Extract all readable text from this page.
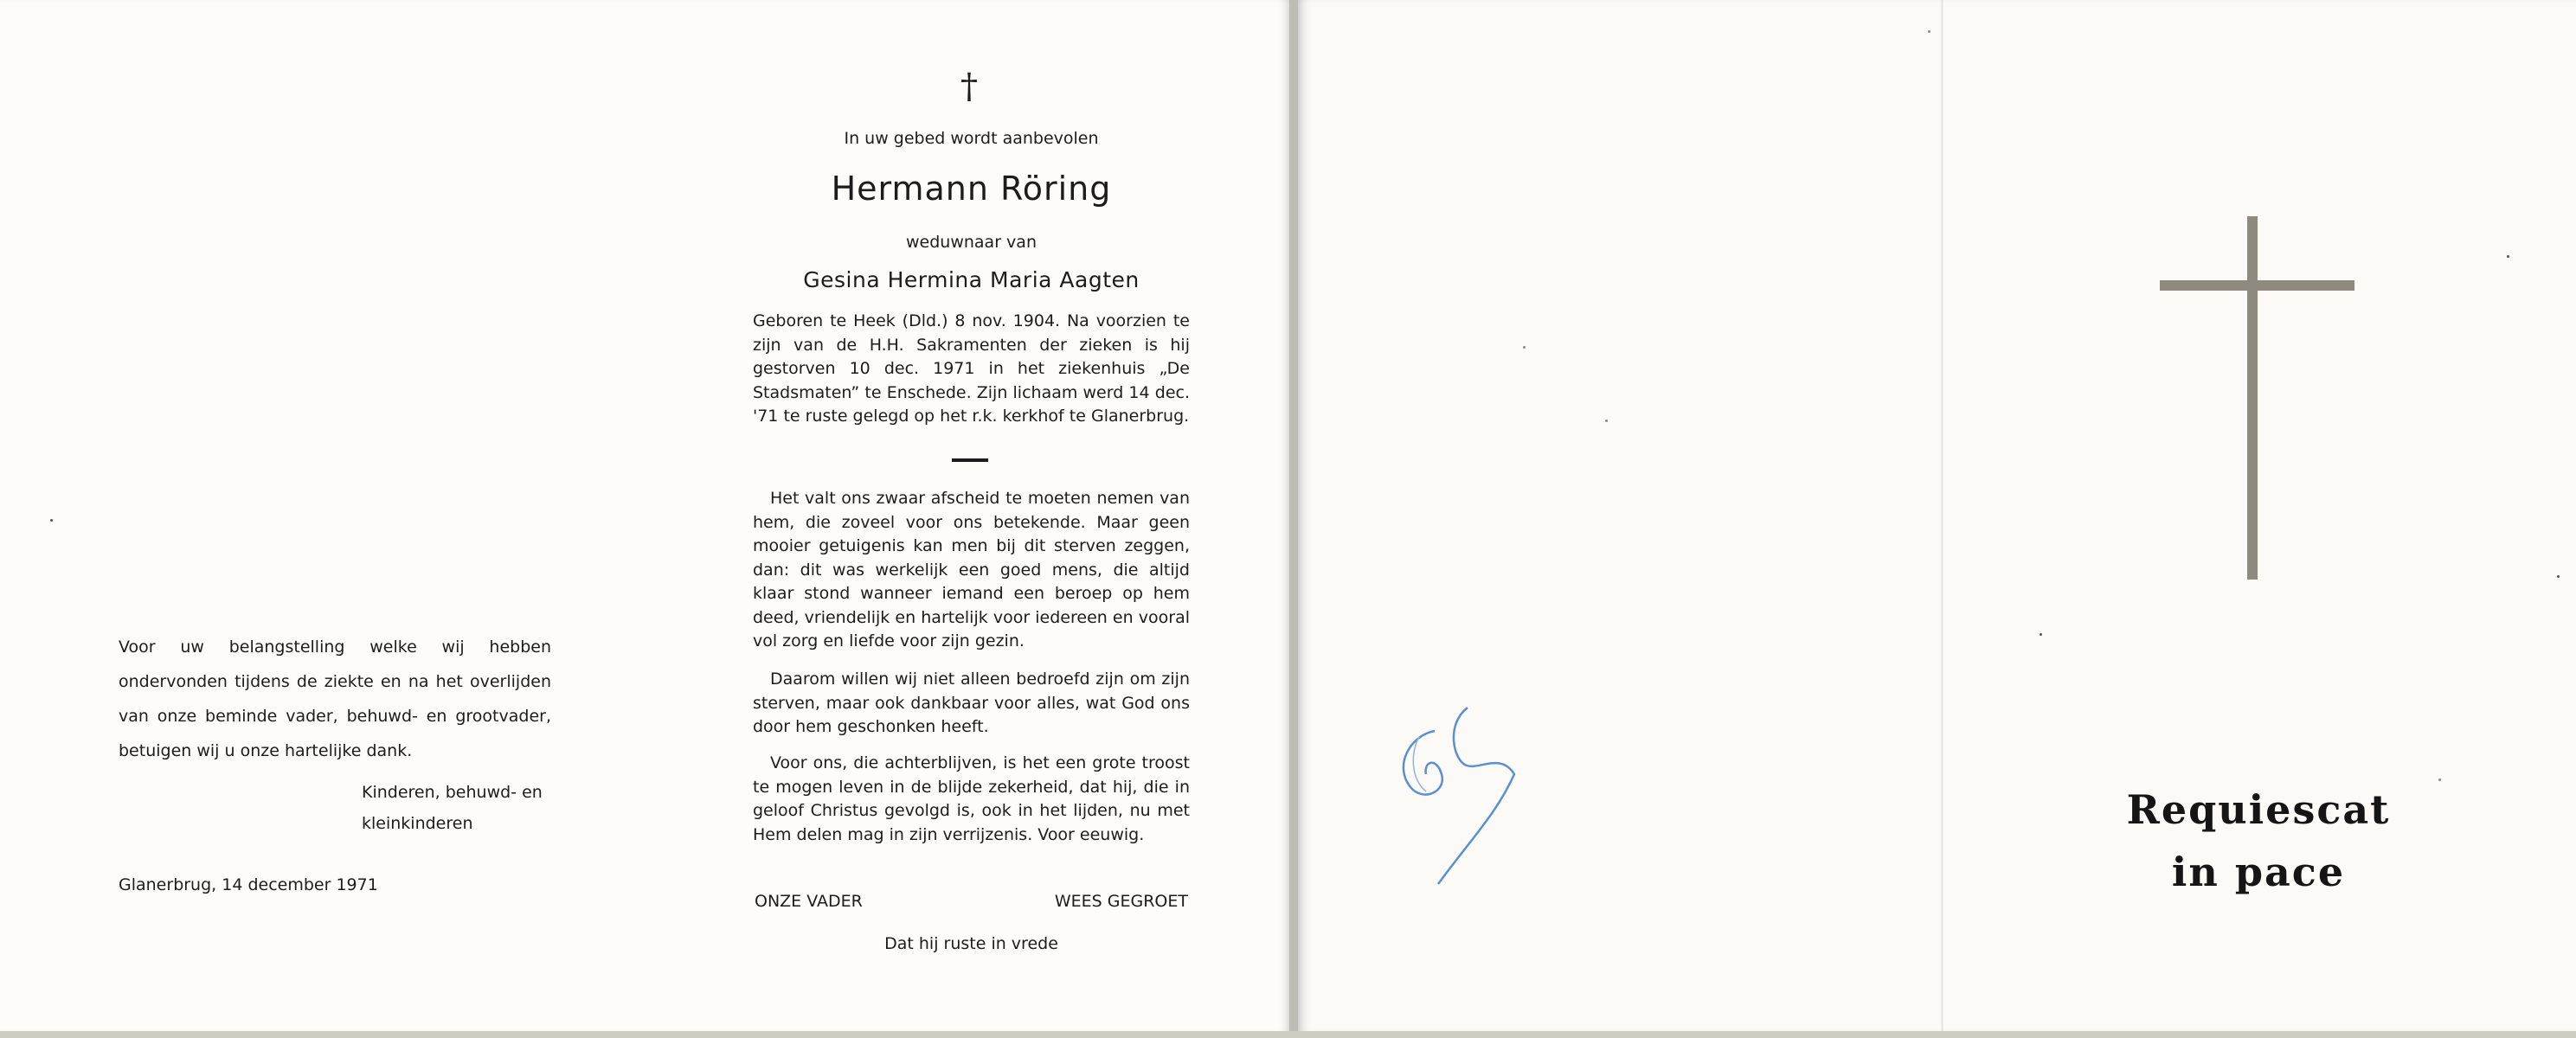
Voor uw belangstelling welke wij hebben ondervonden tijdens de ziekte en na het overlijden van onze beminde vader, behuwd- en grootvader, betuigen wij u onze hartelijke dank.

Kinderen, behuwd- en
kleinkinderen
Glanerbrug, 14 december 1971
†
In uw gebed wordt aanbevolen
Hermann Röring
weduwnaar van
Gesina Hermina Maria Aagten

Geboren te Heek (Dld.) 8 nov. 1904. Na voorzien te zijn van de H.H. Sakramenten der zieken is hij gestorven 10 dec. 1971 in het ziekenhuis „De Stadsmaten” te Enschede. Zijn lichaam werd 14 dec. '71 te ruste gelegd op het r.k. kerkhof te Glanerbrug.

Het valt ons zwaar afscheid te moeten nemen van hem, die zoveel voor ons betekende. Maar geen mooier getuigenis kan men bij dit sterven zeggen, dan: dit was werkelijk een goed mens, die altijd klaar stond wanneer iemand een beroep op hem deed, vriendelijk en hartelijk voor iedereen en vooral vol zorg en liefde voor zijn gezin.

Daarom willen wij niet alleen bedroefd zijn om zijn sterven, maar ook dankbaar voor alles, wat God ons door hem geschonken heeft.

Voor ons, die achterblijven, is het een grote troost te mogen leven in de blijde zekerheid, dat hij, die in geloof Christus gevolgd is, ook in het lijden, nu met Hem delen mag in zijn verrijzenis. Voor eeuwig.

ONZE VADER	WEES GEGROET
Dat hij ruste in vrede
Requiescat
in pace
